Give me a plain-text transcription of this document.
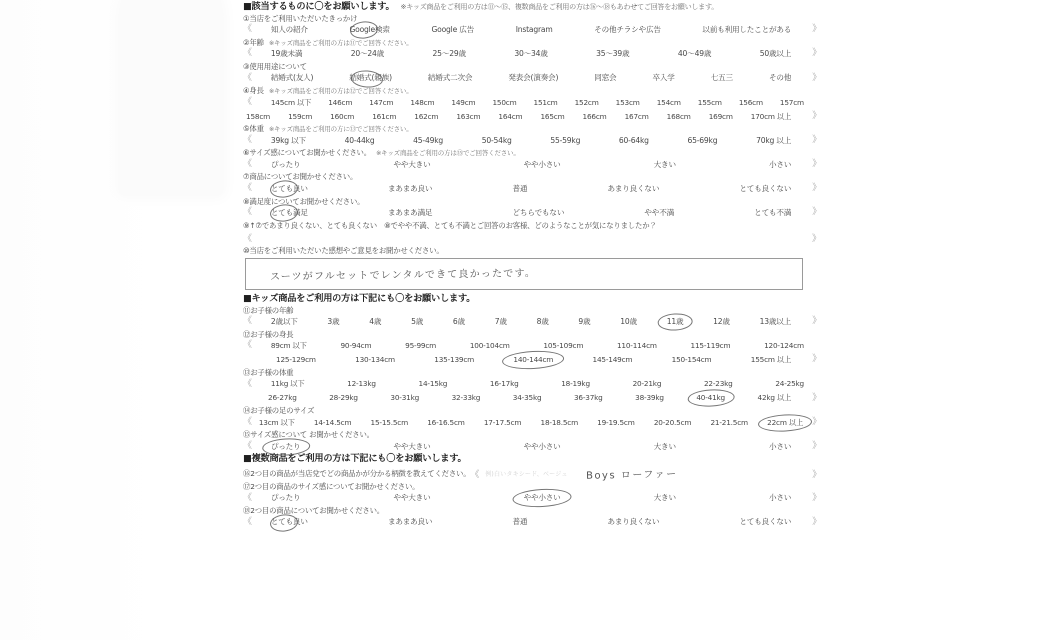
■該当するものに〇をお願いします。 ※キッズ商品をご利用の方は⑪～⑮、複数商品をご利用の方は⑯～⑱もあわせてご回答をお願いします。
①当店をご利用いただいたきっかけ
《	知人の紹介	Google検索	Google 広告	Instagram	その他チラシや広告	以前も利用したことがある	》
②年齢 ※キッズ商品をご利用の方は⑪でご回答ください。
《	19歳未満	20～24歳	25～29歳	30～34歳	35～39歳	40～49歳	50歳以上	》
③使用用途について
《	結婚式(友人)	結婚式(親族)	結婚式二次会	発表会(演奏会)	同窓会	卒入学	七五三	その他	》
④身長 ※キッズ商品をご利用の方は⑫でご回答ください。
《	145cm 以下	146cm	147cm	148cm	149cm	150cm	151cm	152cm	153cm	154cm	155cm	156cm	157cm
158cm	159cm	160cm	161cm	162cm	163cm	164cm	165cm	166cm	167cm	168cm	169cm	170cm 以上	》
⑤体重 ※キッズ商品をご利用の方に⑬でご回答ください。
《	39kg 以下	40-44kg	45-49kg	50-54kg	55-59kg	60-64kg	65-69kg	70kg 以上	》
⑥サイズ感についてお聞かせください。 ※キッズ商品をご利用の方は⑮でご回答ください。
《	ぴったり	やや大きい	やや小さい	大きい	小さい	》
⑦商品についてお聞かせください。
《	とても良い	まあまあ良い	普通	あまり良くない	とても良くない	》
⑧満足度についてお聞かせください。
《	とても満足	まあまあ満足	どちらでもない	やや不満	とても不満	》
⑨↑⑦であまり良くない、とても良くない　⑧でやや不満、とても不満とご回答のお客様、どのようなことが気になりましたか？
《	》
⑩当店をご利用いただいた感想やご意見をお聞かせください。
スーツがフルセットでレンタルできて良かったです。
■キッズ商品をご利用の方は下記にも〇をお願いします。
⑪お子様の年齢
《	2歳以下	3歳	4歳	5歳	6歳	7歳	8歳	9歳	10歳	11歳	12歳	13歳以上	》
⑫お子様の身長
《	89cm 以下	90-94cm	95-99cm	100-104cm	105-109cm	110-114cm	115-119cm	120-124cm
125-129cm	130-134cm	135-139cm	140-144cm	145-149cm	150-154cm	155cm 以上	》
⑬お子様の体重
《	11kg 以下	12-13kg	14-15kg	16-17kg	18-19kg	20-21kg	22-23kg	24-25kg
26-27kg	28-29kg	30-31kg	32-33kg	34-35kg	36-37kg	38-39kg	40-41kg	42kg 以上	》
⑭お子様の足のサイズ
《 13cm 以下	14-14.5cm	15-15.5cm	16-16.5cm	17-17.5cm	18-18.5cm	19-19.5cm	20-20.5cm	21-21.5cm	22cm 以上	》
⑮サイズ感について お聞かせください。
《	ぴったり	やや大きい	やや小さい	大きい	小さい	》
■複数商品をご利用の方は下記にも〇をお願いします。
⑯2つ目の商品が当店兌でどの商品かが分かる柄徴を教えてください。 《 例)白いタキシード、ベージュ Boys ローファー	》
⑰2つ目の商品のサイズ感についてお聞かせください。
《	ぴったり	やや大きい	やや小さい	大きい	小さい	》
⑱2つ目の商品についてお聞かせください。
《	とても良い	まあまあ良い	普通	あまり良くない	とても良くない	》
